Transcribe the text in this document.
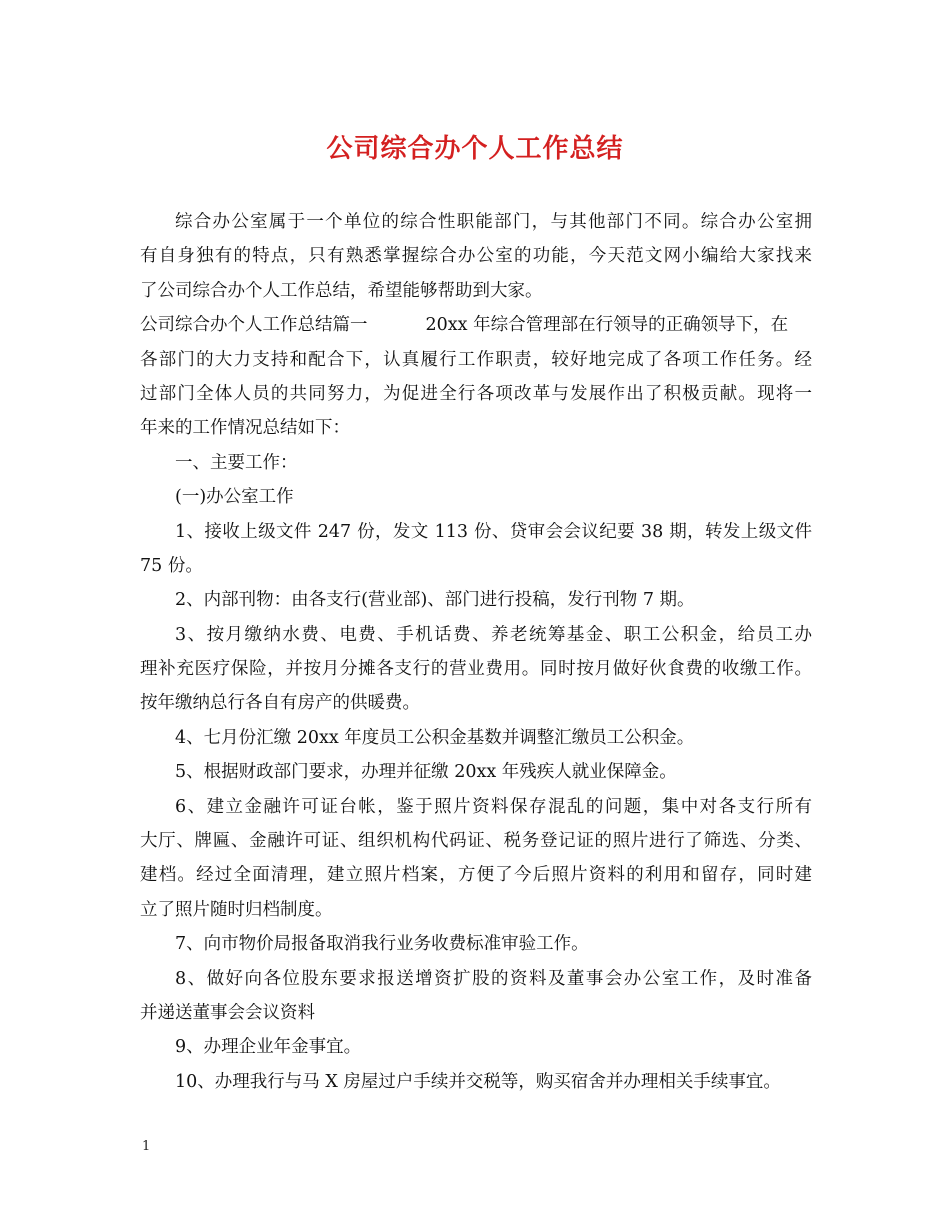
公司综合办个人工作总结
综合办公室属于一个单位的综合性职能部门，与其他部门不同。综合办公室拥
有自身独有的特点，只有熟悉掌握综合办公室的功能，今天范文网小编给大家找来
了公司综合办个人工作总结，希望能够帮助到大家。
公司综合办个人工作总结篇一	20xx 年综合管理部在行领导的正确领导下，在
各部门的大力支持和配合下，认真履行工作职责，较好地完成了各项工作任务。经
过部门全体人员的共同努力，为促进全行各项改革与发展作出了积极贡献。现将一
年来的工作情况总结如下：
一、主要工作：
(一)办公室工作
1、接收上级文件 247 份，发文 113 份、贷审会会议纪要 38 期，转发上级文件
75 份。
2、内部刊物：由各支行(营业部)、部门进行投稿，发行刊物 7 期。
3、按月缴纳水费、电费、手机话费、养老统筹基金、职工公积金，给员工办
理补充医疗保险，并按月分摊各支行的营业费用。同时按月做好伙食费的收缴工作。
按年缴纳总行各自有房产的供暖费。
4、七月份汇缴 20xx 年度员工公积金基数并调整汇缴员工公积金。
5、根据财政部门要求，办理并征缴 20xx 年残疾人就业保障金。
6、建立金融许可证台帐，鉴于照片资料保存混乱的问题，集中对各支行所有
大厅、牌匾、金融许可证、组织机构代码证、税务登记证的照片进行了筛选、分类、
建档。经过全面清理，建立照片档案，方便了今后照片资料的利用和留存，同时建
立了照片随时归档制度。
7、向市物价局报备取消我行业务收费标准审验工作。
8、做好向各位股东要求报送增资扩股的资料及董事会办公室工作，及时准备
并递送董事会会议资料
9、办理企业年金事宜。
10、办理我行与马 X 房屋过户手续并交税等，购买宿舍并办理相关手续事宜。
1
